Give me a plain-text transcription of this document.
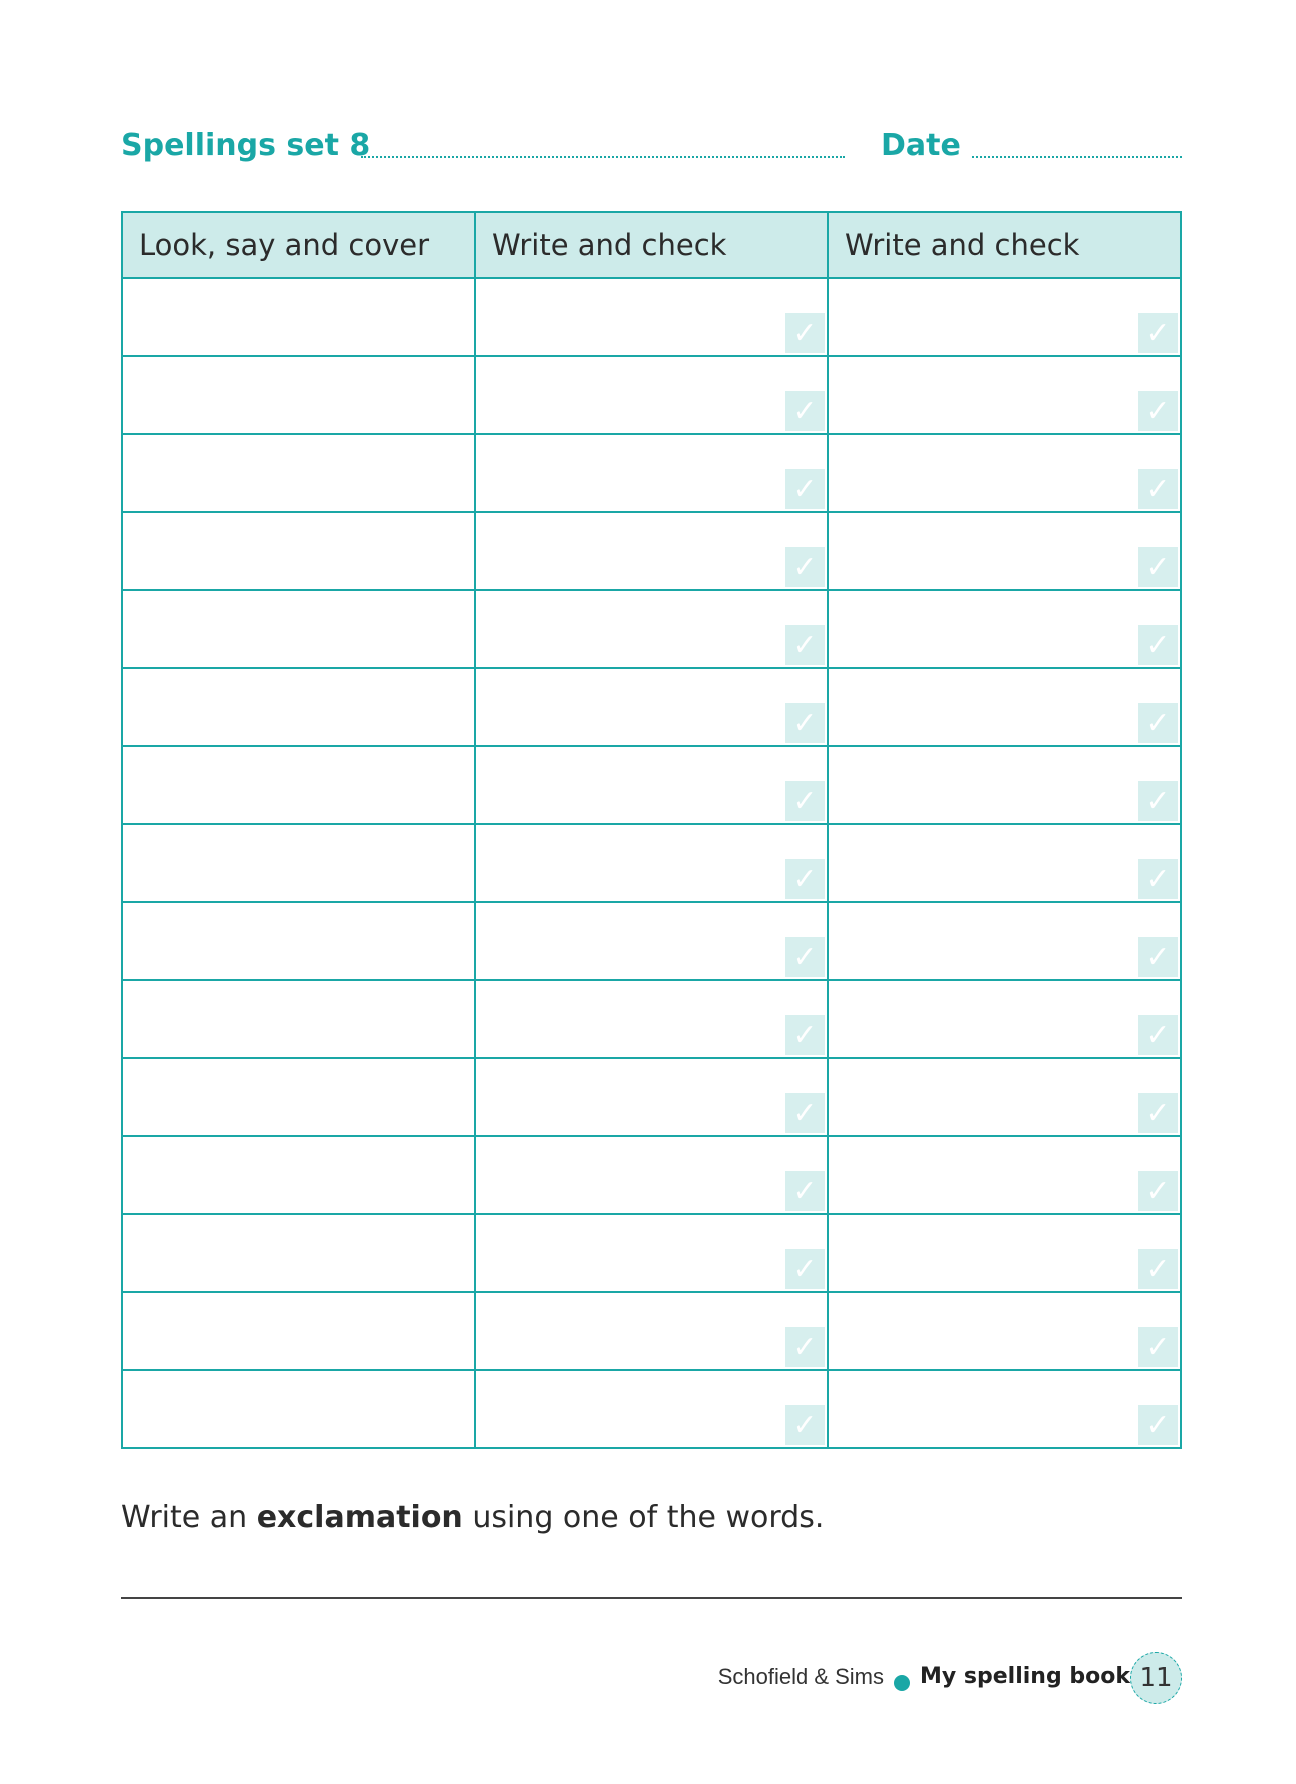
Spellings set 8	Date
Look, say and cover	Write and check	Write and check

	✓	✓

	✓	✓

	✓	✓

	✓	✓

	✓	✓

	✓	✓

	✓	✓

	✓	✓

	✓	✓

	✓	✓

	✓	✓

	✓	✓

	✓	✓

	✓	✓

	✓	✓
Write an exclamation using one of the words.
Schofield & Sims My spelling book 11
